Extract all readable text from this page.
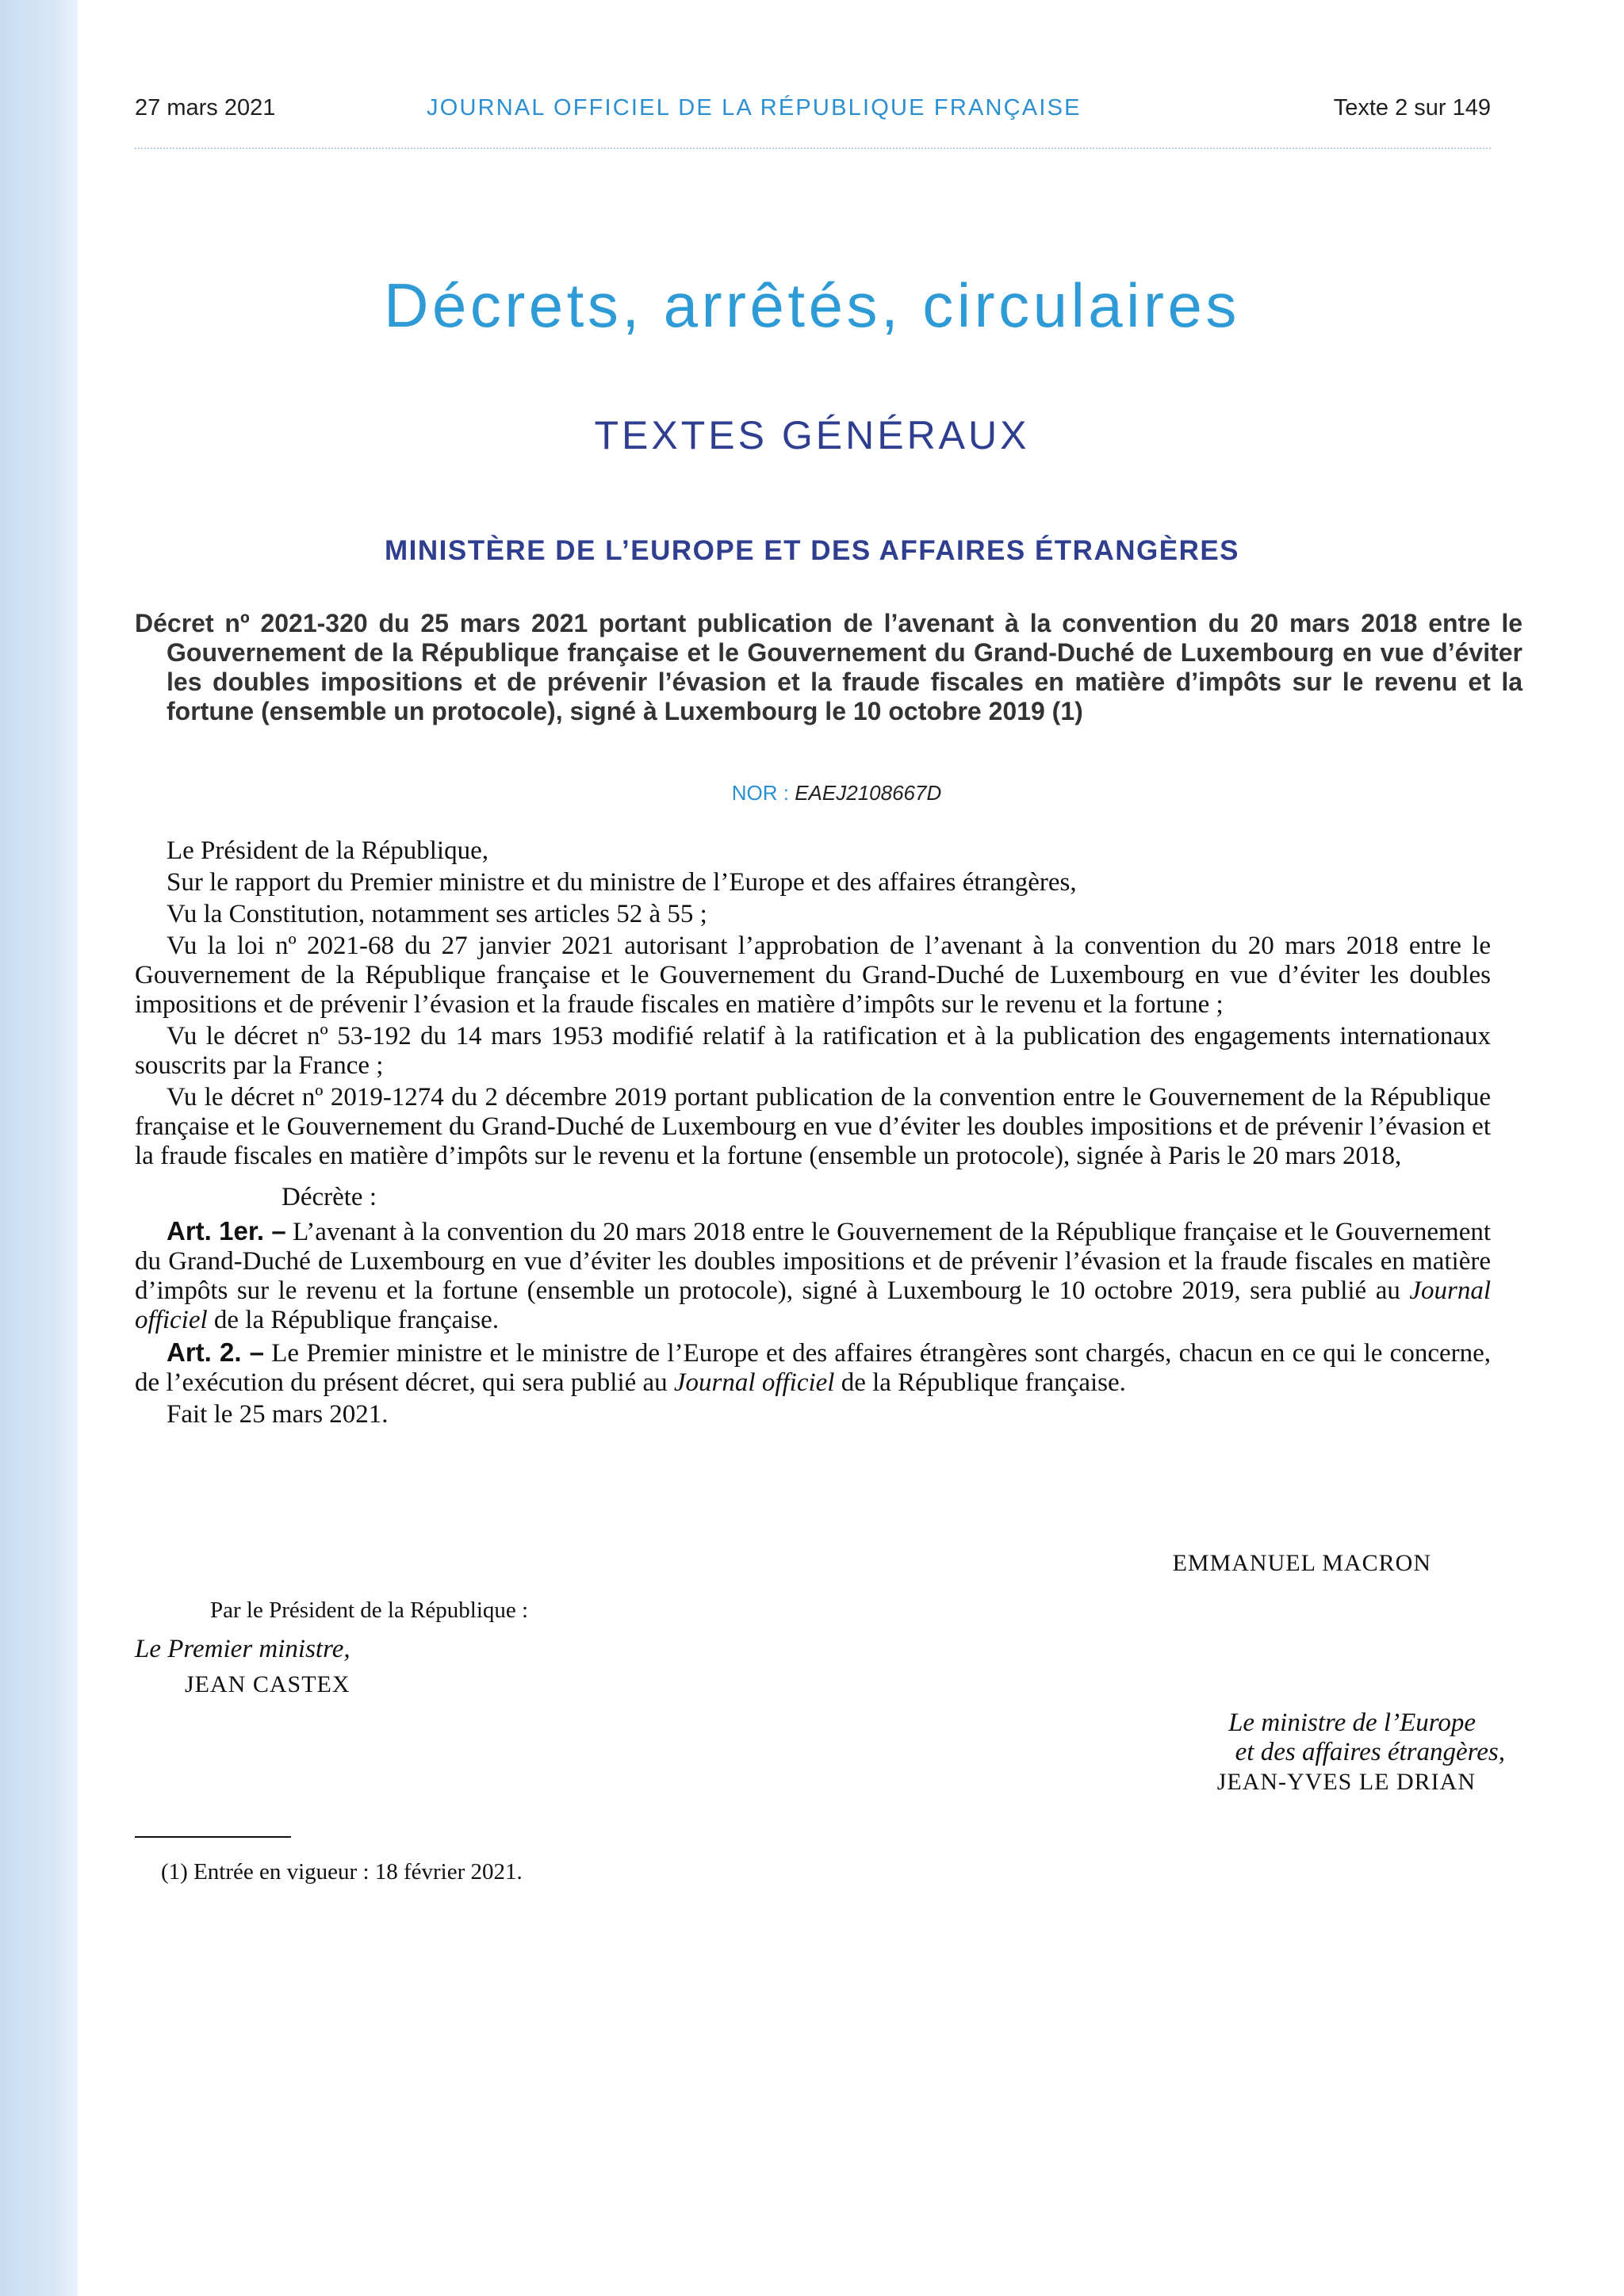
27 mars 2021	JOURNAL OFFICIEL DE LA RÉPUBLIQUE FRANÇAISE	Texte 2 sur 149
Décrets, arrêtés, circulaires
TEXTES GÉNÉRAUX
MINISTÈRE DE L’EUROPE ET DES AFFAIRES ÉTRANGÈRES

Décret nº 2021-320 du 25 mars 2021 portant publication de l’avenant à la convention du 20 mars 2018 entre le Gouvernement de la République française et le Gouvernement du Grand-Duché de Luxembourg en vue d’éviter les doubles impositions et de prévenir l’évasion et la fraude fiscales en matière d’impôts sur le revenu et la fortune (ensemble un protocole), signé à Luxembourg le 10 octobre 2019 (1)

NOR : EAEJ2108667D

Le Président de la République,

Sur le rapport du Premier ministre et du ministre de l’Europe et des affaires étrangères,

Vu la Constitution, notamment ses articles 52 à 55 ;

Vu la loi nº 2021-68 du 27 janvier 2021 autorisant l’approbation de l’avenant à la convention du 20 mars 2018 entre le Gouvernement de la République française et le Gouvernement du Grand-Duché de Luxembourg en vue d’éviter les doubles impositions et de prévenir l’évasion et la fraude fiscales en matière d’impôts sur le revenu et la fortune ;

Vu le décret nº 53-192 du 14 mars 1953 modifié relatif à la ratification et à la publication des engagements internationaux souscrits par la France ;

Vu le décret nº 2019-1274 du 2 décembre 2019 portant publication de la convention entre le Gouvernement de la République française et le Gouvernement du Grand-Duché de Luxembourg en vue d’éviter les doubles impositions et de prévenir l’évasion et la fraude fiscales en matière d’impôts sur le revenu et la fortune (ensemble un protocole), signée à Paris le 20 mars 2018,

Décrète :

Art. 1er. – L’avenant à la convention du 20 mars 2018 entre le Gouvernement de la République française et le Gouvernement du Grand-Duché de Luxembourg en vue d’éviter les doubles impositions et de prévenir l’évasion et la fraude fiscales en matière d’impôts sur le revenu et la fortune (ensemble un protocole), signé à Luxembourg le 10 octobre 2019, sera publié au Journal officiel de la République française.

Art. 2. – Le Premier ministre et le ministre de l’Europe et des affaires étrangères sont chargés, chacun en ce qui le concerne, de l’exécution du présent décret, qui sera publié au Journal officiel de la République française.

Fait le 25 mars 2021.

EMMANUEL MACRON
Par le Président de la République :
Le Premier ministre,
JEAN CASTEX
Le ministre de l’Europe
et des affaires étrangères,
JEAN-YVES LE DRIAN
(1) Entrée en vigueur : 18 février 2021.
